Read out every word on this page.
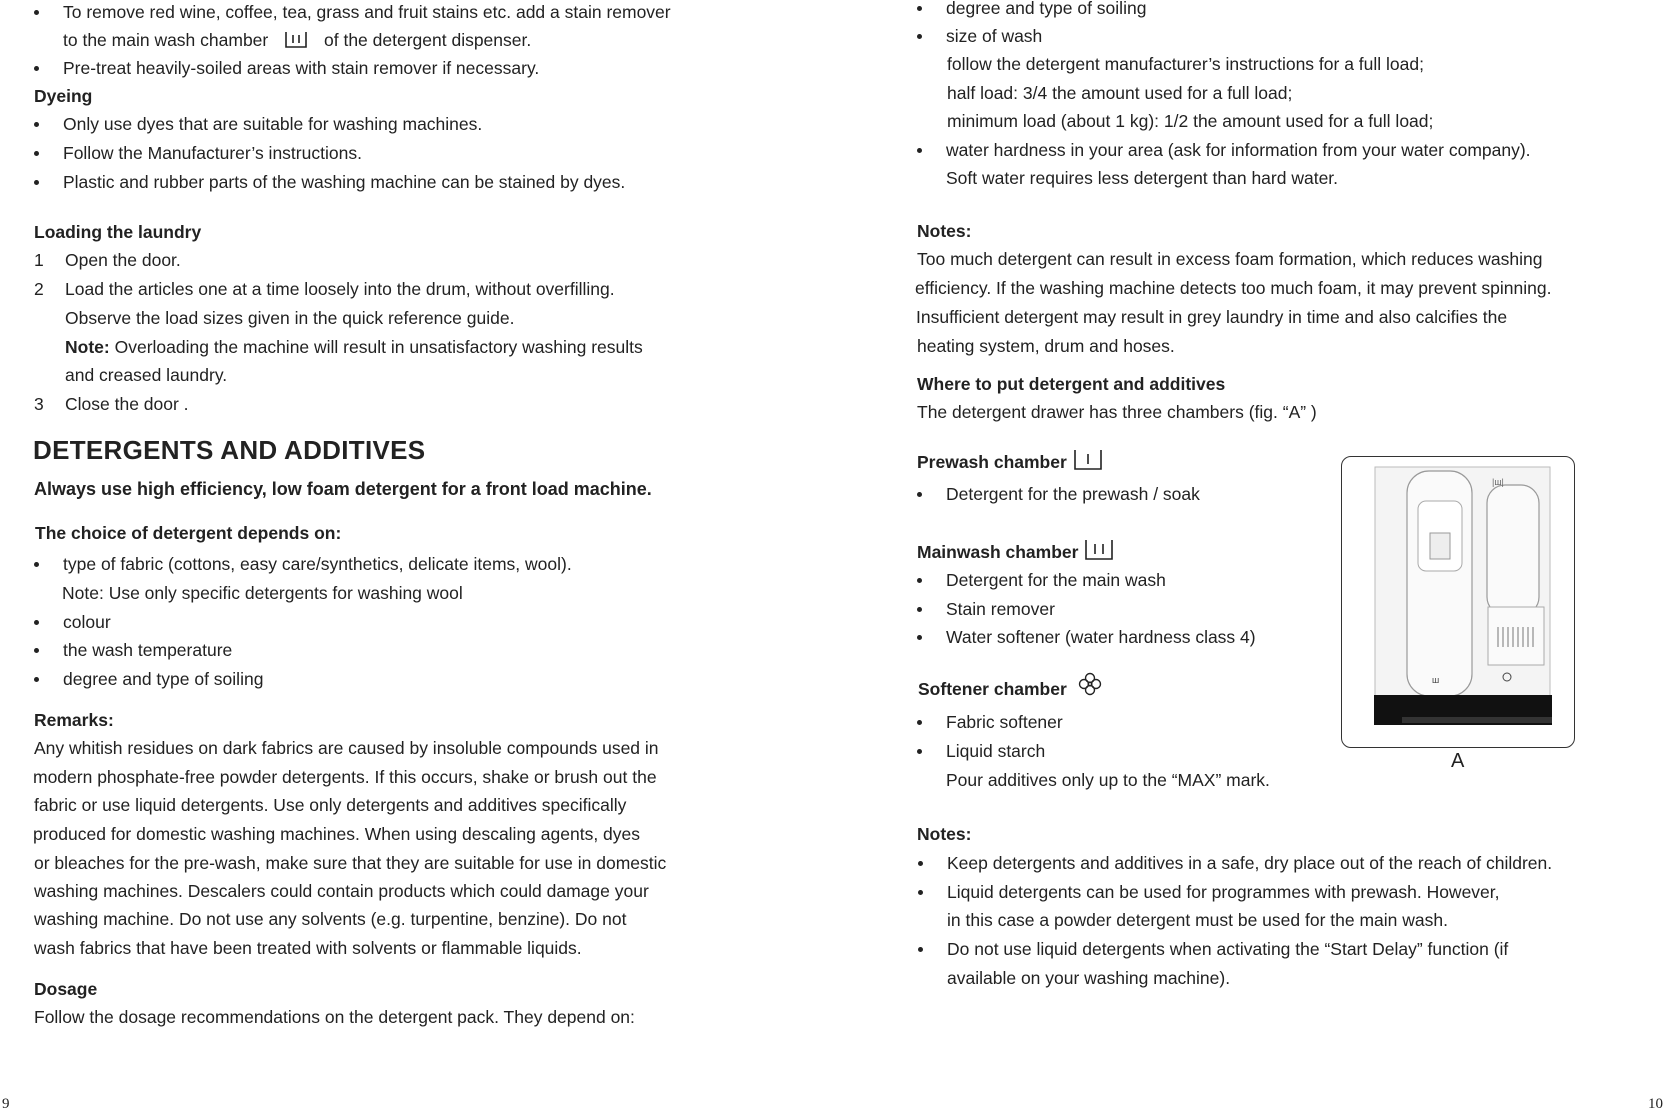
To remove red wine, coffee, tea, grass and fruit stains etc. add a stain remover
to the main wash chamber	of the detergent dispenser.
Pre-treat heavily-soiled areas with stain remover if necessary.
Dyeing
Only use dyes that are suitable for washing machines.
Follow the Manufacturer’s instructions.
Plastic and rubber parts of the washing machine can be stained by dyes.
Loading the laundry
1 Open the door.
2 Load the articles one at a time loosely into the drum, without overfilling.
Observe the load sizes given in the quick reference guide.
Note: Overloading the machine will result in unsatisfactory washing results
and creased laundry.
3 Close the door .
DETERGENTS AND ADDITIVES
Always use high efficiency, low foam detergent for a front load machine.
The choice of detergent depends on:
type of fabric (cottons, easy care/synthetics, delicate items, wool).
Note: Use only specific detergents for washing wool
colour
the wash temperature
degree and type of soiling
Remarks:
Any whitish residues on dark fabrics are caused by insoluble compounds used in
modern phosphate-free powder detergents. If this occurs, shake or brush out the
fabric or use liquid detergents. Use only detergents and additives specifically
produced for domestic washing machines. When using descaling agents, dyes
or bleaches for the pre-wash, make sure that they are suitable for use in domestic
washing machines. Descalers could contain products which could damage your
washing machine. Do not use any solvents (e.g. turpentine, benzine). Do not
wash fabrics that have been treated with solvents or flammable liquids.
Dosage
Follow the dosage recommendations on the detergent pack. They depend on:
9
degree and type of soiling
size of wash
follow the detergent manufacturer’s instructions for a full load;
half load: 3/4 the amount used for a full load;
minimum load (about 1 kg): 1/2 the amount used for a full load;
water hardness in your area (ask for information from your water company).
Soft water requires less detergent than hard water.
Notes:
Too much detergent can result in excess foam formation, which reduces washing
efficiency. If the washing machine detects too much foam, it may prevent spinning.
Insufficient detergent may result in grey laundry in time and also calcifies the
heating system, drum and hoses.
Where to put detergent and additives
The detergent drawer has three chambers (fig. “A” )
Prewash chamber
Detergent for the prewash / soak
Mainwash chamber
Detergent for the main wash
Stain remover
Water softener (water hardness class 4)
Softener chamber
Fabric softener
Liquid starch
Pour additives only up to the “MAX” mark.
ш
|ш|
A
Notes:
Keep detergents and additives in a safe, dry place out of the reach of children.
Liquid detergents can be used for programmes with prewash. However,
in this case a powder detergent must be used for the main wash.
Do not use liquid detergents when activating the “Start Delay” function (if
available on your washing machine).
10
